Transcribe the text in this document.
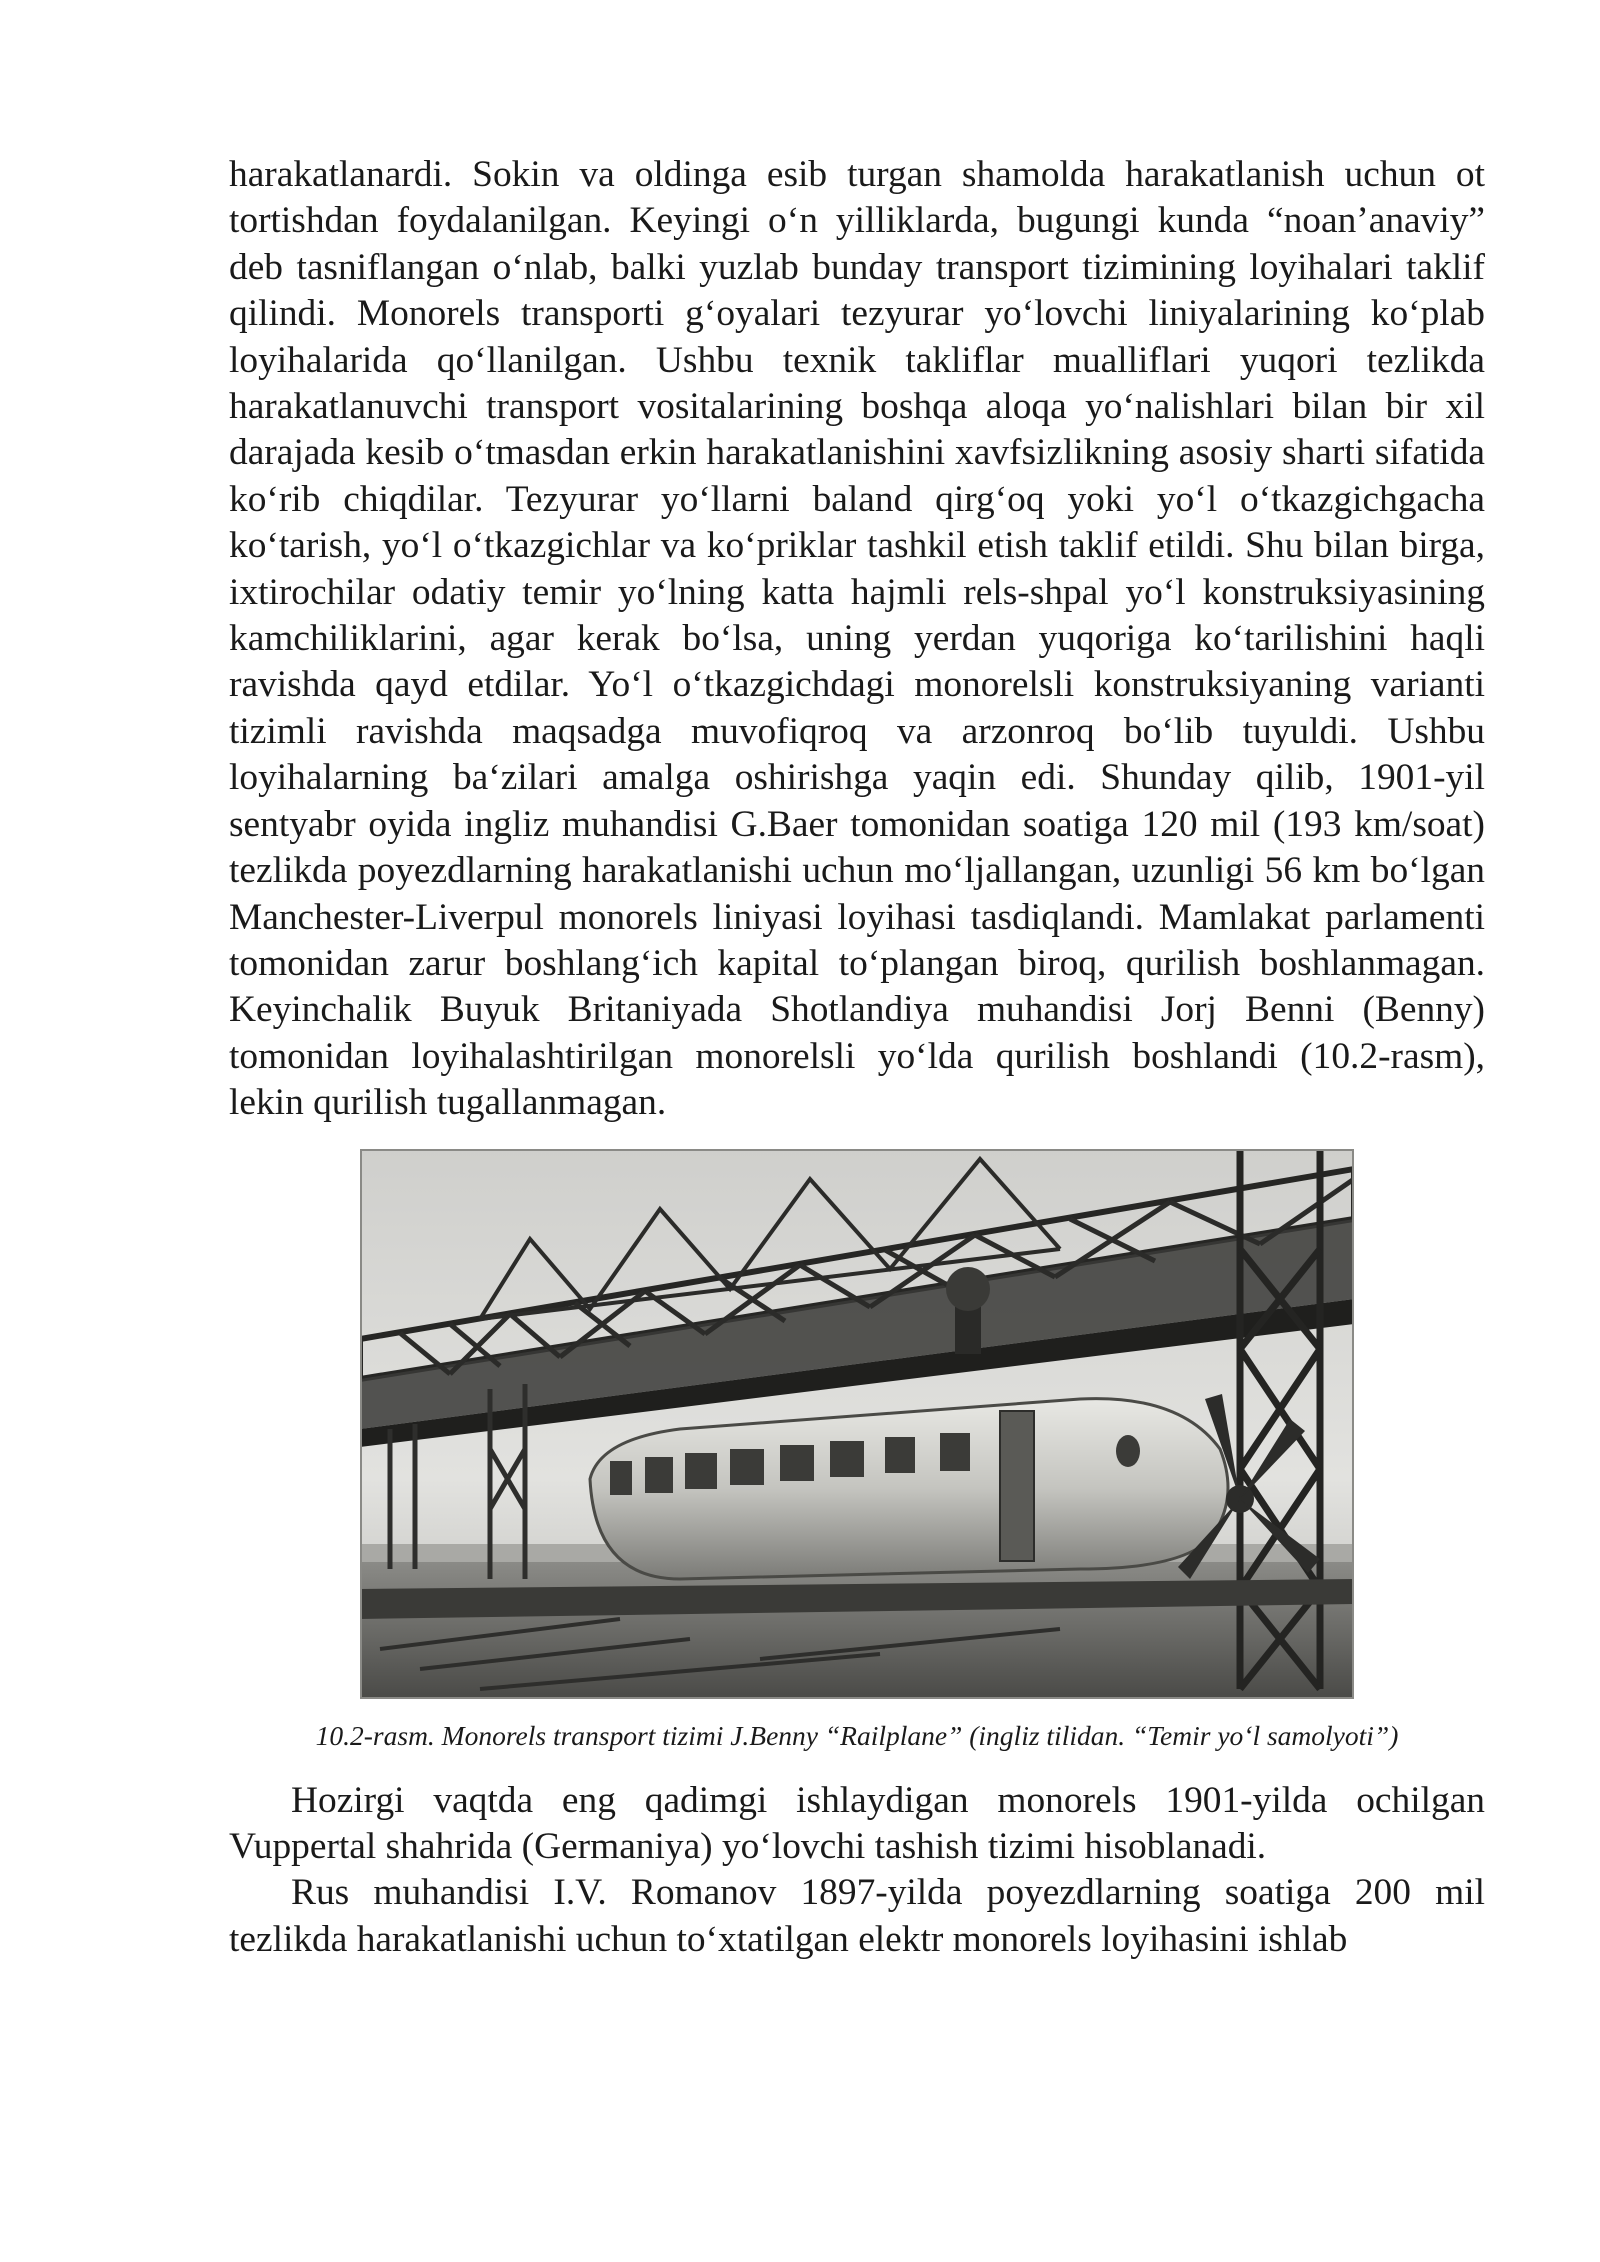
harakatlanardi. Sokin va oldinga esib turgan shamolda harakatlanish uchun ot tortishdan foydalanilgan. Keyingi o‘n yilliklarda, bugungi kunda “noan’anaviy” deb tasniflangan o‘nlab, balki yuzlab bunday transport tizimining loyihalari taklif qilindi. Monorels transporti g‘oyalari tezyurar yo‘lovchi liniyalarining ko‘plab loyihalarida qo‘llanilgan. Ushbu texnik takliflar mualliflari yuqori tezlikda harakatlanuvchi transport vositalarining boshqa aloqa yo‘nalishlari bilan bir xil darajada kesib o‘tmasdan erkin harakatlanishini xavfsizlikning asosiy sharti sifatida ko‘rib chiqdilar. Tezyurar yo‘llarni baland qirg‘oq yoki yo‘l o‘tkazgichgacha ko‘tarish, yo‘l o‘tkazgichlar va ko‘priklar tashkil etish taklif etildi. Shu bilan birga, ixtirochilar odatiy temir yo‘lning katta hajmli rels-shpal yo‘l konstruksiyasining kamchiliklarini, agar kerak bo‘lsa, uning yerdan yuqoriga ko‘tarilishini haqli ravishda qayd etdilar. Yo‘l o‘tkazgichdagi monorelsli konstruksiyaning varianti tizimli ravishda maqsadga muvofiqroq va arzonroq bo‘lib tuyuldi. Ushbu loyihalarning ba‘zilari amalga oshirishga yaqin edi. Shunday qilib, 1901-yil sentyabr oyida ingliz muhandisi G.Baer tomonidan soatiga 120 mil (193 km/soat) tezlikda poyezdlarning harakatlanishi uchun mo‘ljallangan, uzunligi 56 km bo‘lgan Manchester-Liverpul monorels liniyasi loyihasi tasdiqlandi. Mamlakat parlamenti tomonidan zarur boshlang‘ich kapital to‘plangan biroq, qurilish boshlanmagan. Keyinchalik Buyuk Britaniyada Shotlandiya muhandisi Jorj Benni (Benny) tomonidan loyihalashtirilgan monorelsli yo‘lda qurilish boshlandi (10.2-rasm), lekin qurilish tugallanmagan.

10.2-rasm. Monorels transport tizimi J.Benny “Railplane” (ingliz tilidan. “Temir yo‘l samolyoti”)

Hozirgi vaqtda eng qadimgi ishlaydigan monorels 1901-yilda ochilgan Vuppertal shahrida (Germaniya) yo‘lovchi tashish tizimi hisoblanadi.

Rus muhandisi I.V. Romanov 1897-yilda poyezdlarning soatiga 200 mil tezlikda harakatlanishi uchun to‘xtatilgan elektr monorels loyihasini ishlab
